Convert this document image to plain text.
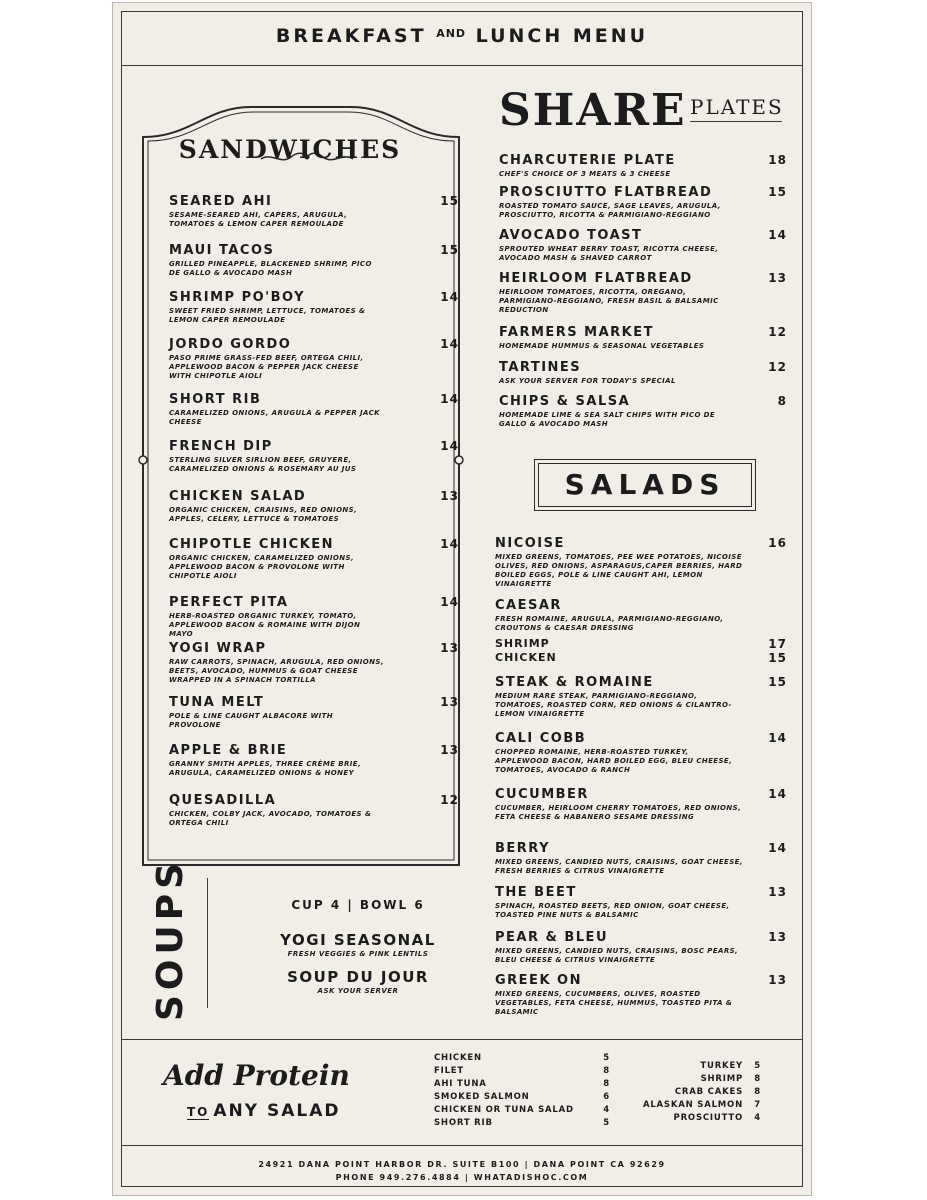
BREAKFAST $^{AND}$ LUNCH MENU
SANDWICHES
SEARED AHI
SESAME-SEARED AHI, CAPERS, ARUGULA, TOMATOES & LEMON CAPER REMOULADE
15
MAUI TACOS
GRILLED PINEAPPLE, BLACKENED SHRIMP, PICO DE GALLO & AVOCADO MASH
15
SHRIMP PO'BOY
SWEET FRIED SHRIMP, LETTUCE, TOMATOES & LEMON CAPER REMOULADE
14
JORDO GORDO
PASO PRIME GRASS-FED BEEF, ORTEGA CHILI, APPLEWOOD BACON & PEPPER JACK CHEESE WITH CHIPOTLE AIOLI
14
SHORT RIB
CARAMELIZED ONIONS, ARUGULA & PEPPER JACK CHEESE
14
FRENCH DIP
STERLING SILVER SIRLION BEEF, GRUYERE, CARAMELIZED ONIONS & ROSEMARY AU JUS
14
CHICKEN SALAD
ORGANIC CHICKEN, CRAISINS, RED ONIONS, APPLES, CELERY, LETTUCE & TOMATOES
13
CHIPOTLE CHICKEN
ORGANIC CHICKEN, CARAMELIZED ONIONS, APPLEWOOD BACON & PROVOLONE WITH CHIPOTLE AIOLI
14
PERFECT PITA
HERB-ROASTED ORGANIC TURKEY, TOMATO, APPLEWOOD BACON & ROMAINE WITH DIJON MAYO
14
YOGI WRAP
RAW CARROTS, SPINACH, ARUGULA, RED ONIONS, BEETS, AVOCADO, HUMMUS & GOAT CHEESE WRAPPED IN A SPINACH TORTILLA
13
TUNA MELT
POLE & LINE CAUGHT ALBACORE WITH PROVOLONE
13
APPLE & BRIE
GRANNY SMITH APPLES, THREE CRÈME BRIE, ARUGULA, CARAMELIZED ONIONS & HONEY
13
QUESADILLA
CHICKEN, COLBY JACK, AVOCADO, TOMATOES & ORTEGA CHILI
12
SHARE PLATES
CHARCUTERIE PLATE
CHEF'S CHOICE OF 3 MEATS & 3 CHEESE
18
PROSCIUTTO FLATBREAD
ROASTED TOMATO SAUCE, SAGE LEAVES, ARUGULA, PROSCIUTTO, RICOTTA & PARMIGIANO-REGGIANO
15
AVOCADO TOAST
SPROUTED WHEAT BERRY TOAST, RICOTTA CHEESE, AVOCADO MASH & SHAVED CARROT
14
HEIRLOOM FLATBREAD
HEIRLOOM TOMATOES, RICOTTA, OREGANO, PARMIGIANO-REGGIANO, FRESH BASIL & BALSAMIC REDUCTION
13
FARMERS MARKET
HOMEMADE HUMMUS & SEASONAL VEGETABLES
12
TARTINES
ASK YOUR SERVER FOR TODAY'S SPECIAL
12
CHIPS & SALSA
HOMEMADE LIME & SEA SALT CHIPS WITH PICO DE GALLO & AVOCADO MASH
8
SALADS
NICOISE
MIXED GREENS, TOMATOES, PEE WEE POTATOES, NICOISE OLIVES, RED ONIONS, ASPARAGUS,CAPER BERRIES, HARD BOILED EGGS, POLE & LINE CAUGHT AHI, LEMON VINAIGRETTE
16
CAESAR
FRESH ROMAINE, ARUGULA, PARMIGIANO-REGGIANO, CROUTONS & CAESAR DRESSING
SHRIMP	17
CHICKEN	15
STEAK & ROMAINE
MEDIUM RARE STEAK, PARMIGIANO-REGGIANO, TOMATOES, ROASTED CORN, RED ONIONS & CILANTRO-LEMON VINAIGRETTE
15
CALI COBB
CHOPPED ROMAINE, HERB-ROASTED TURKEY, APPLEWOOD BACON, HARD BOILED EGG, BLEU CHEESE, TOMATOES, AVOCADO & RANCH
14
CUCUMBER
CUCUMBER, HEIRLOOM CHERRY TOMATOES, RED ONIONS, FETA CHEESE & HABANERO SESAME DRESSING
14
BERRY
MIXED GREENS, CANDIED NUTS, CRAISINS, GOAT CHEESE, FRESH BERRIES & CITRUS VINAIGRETTE
14
THE BEET
SPINACH, ROASTED BEETS, RED ONION, GOAT CHEESE, TOASTED PINE NUTS & BALSAMIC
13
PEAR & BLEU
MIXED GREENS, CANDIED NUTS, CRAISINS, BOSC PEARS, BLEU CHEESE & CITRUS VINAIGRETTE
13
GREEK ON
MIXED GREENS, CUCUMBERS, OLIVES, ROASTED VEGETABLES, FETA CHEESE, HUMMUS, TOASTED PITA & BALSAMIC
13
SOUPS	CUP 4 | BOWL 6
YOGI SEASONAL
FRESH VEGGIES & PINK LENTILS
SOUP DU JOUR
ASK YOUR SERVER
Add Protein
TO ANY SALAD
CHICKEN	5
FILET	8
AHI TUNA	8
SMOKED SALMON	6
CHICKEN OR TUNA SALAD	4
SHORT RIB	5
TURKEY 5
SHRIMP 8
CRAB CAKES 8
ALASKAN SALMON 7
PROSCIUTTO 4
24921 DANA POINT HARBOR DR. SUITE B100 | DANA POINT CA 92629
PHONE 949.276.4884 | WHATADISHOC.COM
